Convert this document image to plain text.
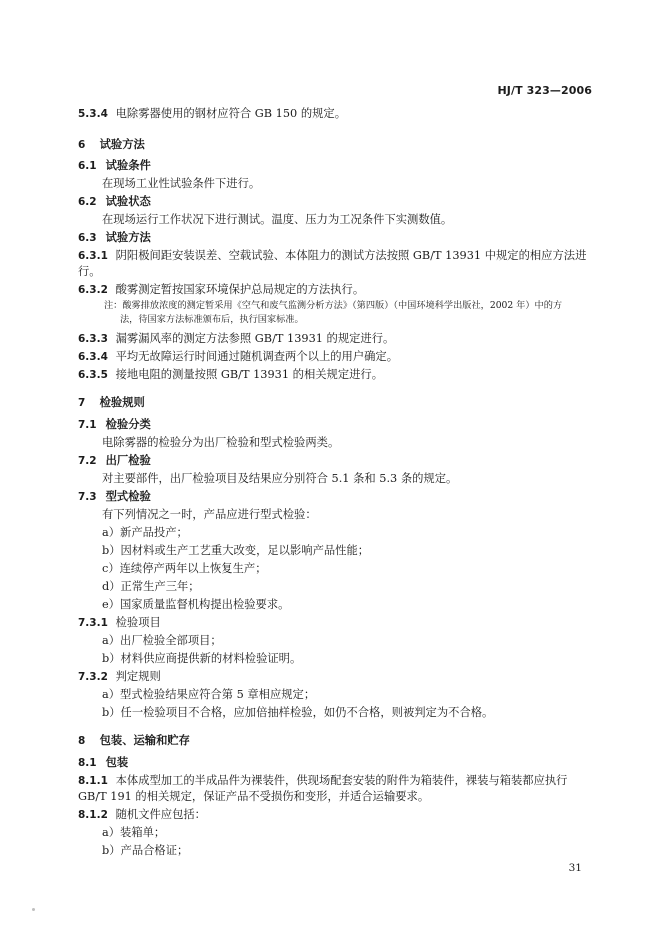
HJ/T 323—2006
5.3.4 电除雾器使用的钢材应符合 GB 150 的规定。
6 试验方法
6.1 试验条件
在现场工业性试验条件下进行。
6.2 试验状态
在现场运行工作状况下进行测试。温度、压力为工况条件下实测数值。
6.3 试验方法
6.3.1 阴阳极间距安装误差、空载试验、本体阻力的测试方法按照 GB/T 13931 中规定的相应方法进
行。
6.3.2 酸雾测定暂按国家环境保护总局规定的方法执行。
注：酸雾排放浓度的测定暂采用《空气和废气监测分析方法》（第四版）（中国环境科学出版社，2002 年）中的方
法，待国家方法标准颁布后，执行国家标准。
6.3.3 漏雾漏风率的测定方法参照 GB/T 13931 的规定进行。
6.3.4 平均无故障运行时间通过随机调查两个以上的用户确定。
6.3.5 接地电阻的测量按照 GB/T 13931 的相关规定进行。
7 检验规则
7.1 检验分类
电除雾器的检验分为出厂检验和型式检验两类。
7.2 出厂检验
对主要部件，出厂检验项目及结果应分别符合 5.1 条和 5.3 条的规定。
7.3 型式检验
有下列情况之一时，产品应进行型式检验：
a）新产品投产；
b）因材料或生产工艺重大改变，足以影响产品性能；
c）连续停产两年以上恢复生产；
d）正常生产三年；
e）国家质量监督机构提出检验要求。
7.3.1 检验项目
a）出厂检验全部项目；
b）材料供应商提供新的材料检验证明。
7.3.2 判定规则
a）型式检验结果应符合第 5 章相应规定；
b）任一检验项目不合格，应加倍抽样检验，如仍不合格，则被判定为不合格。
8 包装、运输和贮存
8.1 包装
8.1.1 本体成型加工的半成品件为裸装件，供现场配套安装的附件为箱装件，裸装与箱装都应执行
GB/T 191 的相关规定，保证产品不受损伤和变形，并适合运输要求。
8.1.2 随机文件应包括：
a）装箱单；
b）产品合格证；
31
